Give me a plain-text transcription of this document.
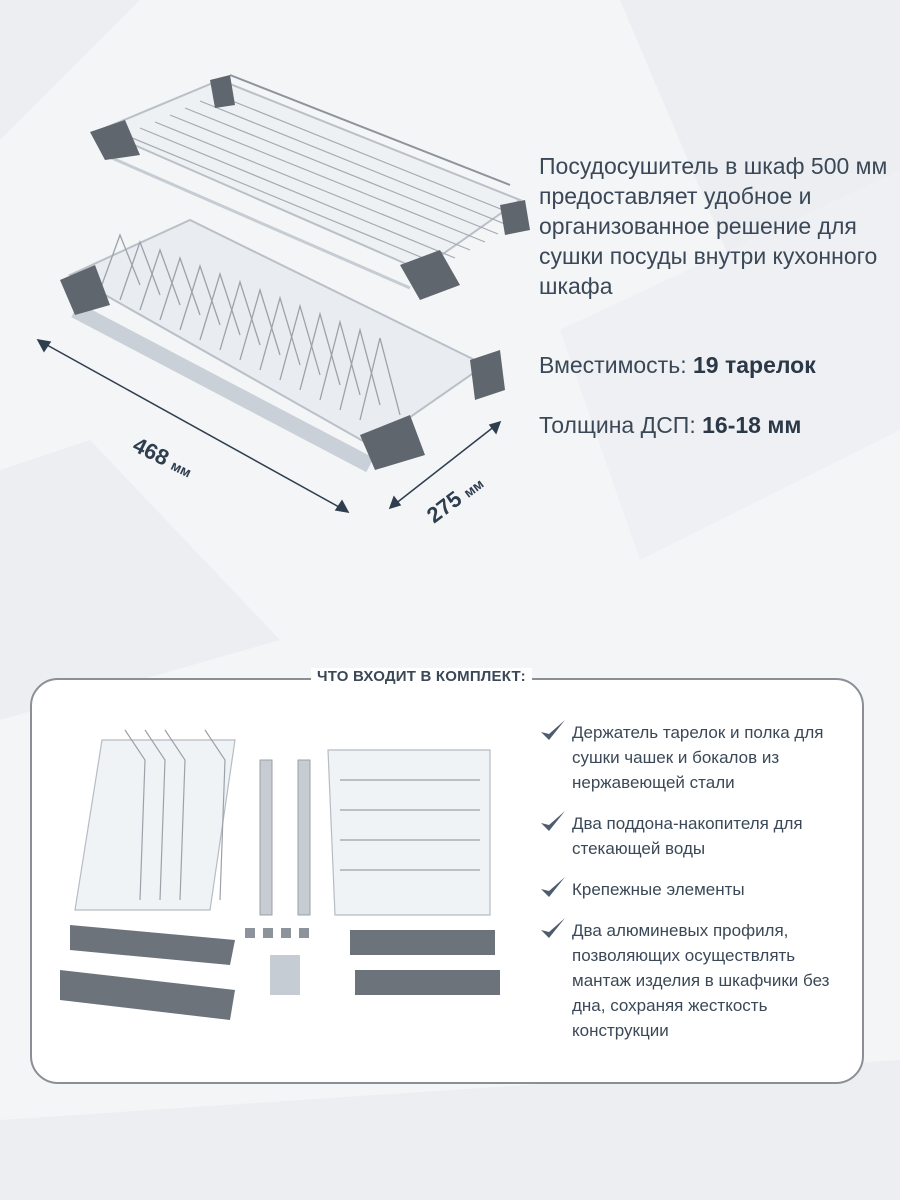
468 мм
275 мм
Посудосушитель в шкаф 500 мм предоставляет удобное и организованное решение для сушки посуды внутри кухонного шкафа
Вместимость: 19 тарелок
Толщина ДСП: 16-18 мм
ЧТО ВХОДИТ В КОМПЛЕКТ:
Держатель тарелок и полка для сушки чашек и бокалов из нержавеющей стали
Два поддона-накопителя для стекающей воды
Крепежные элементы
Два алюминевых профиля, позволяющих осуществлять мантаж изделия в шкафчики без дна, сохраняя жесткость конструкции
